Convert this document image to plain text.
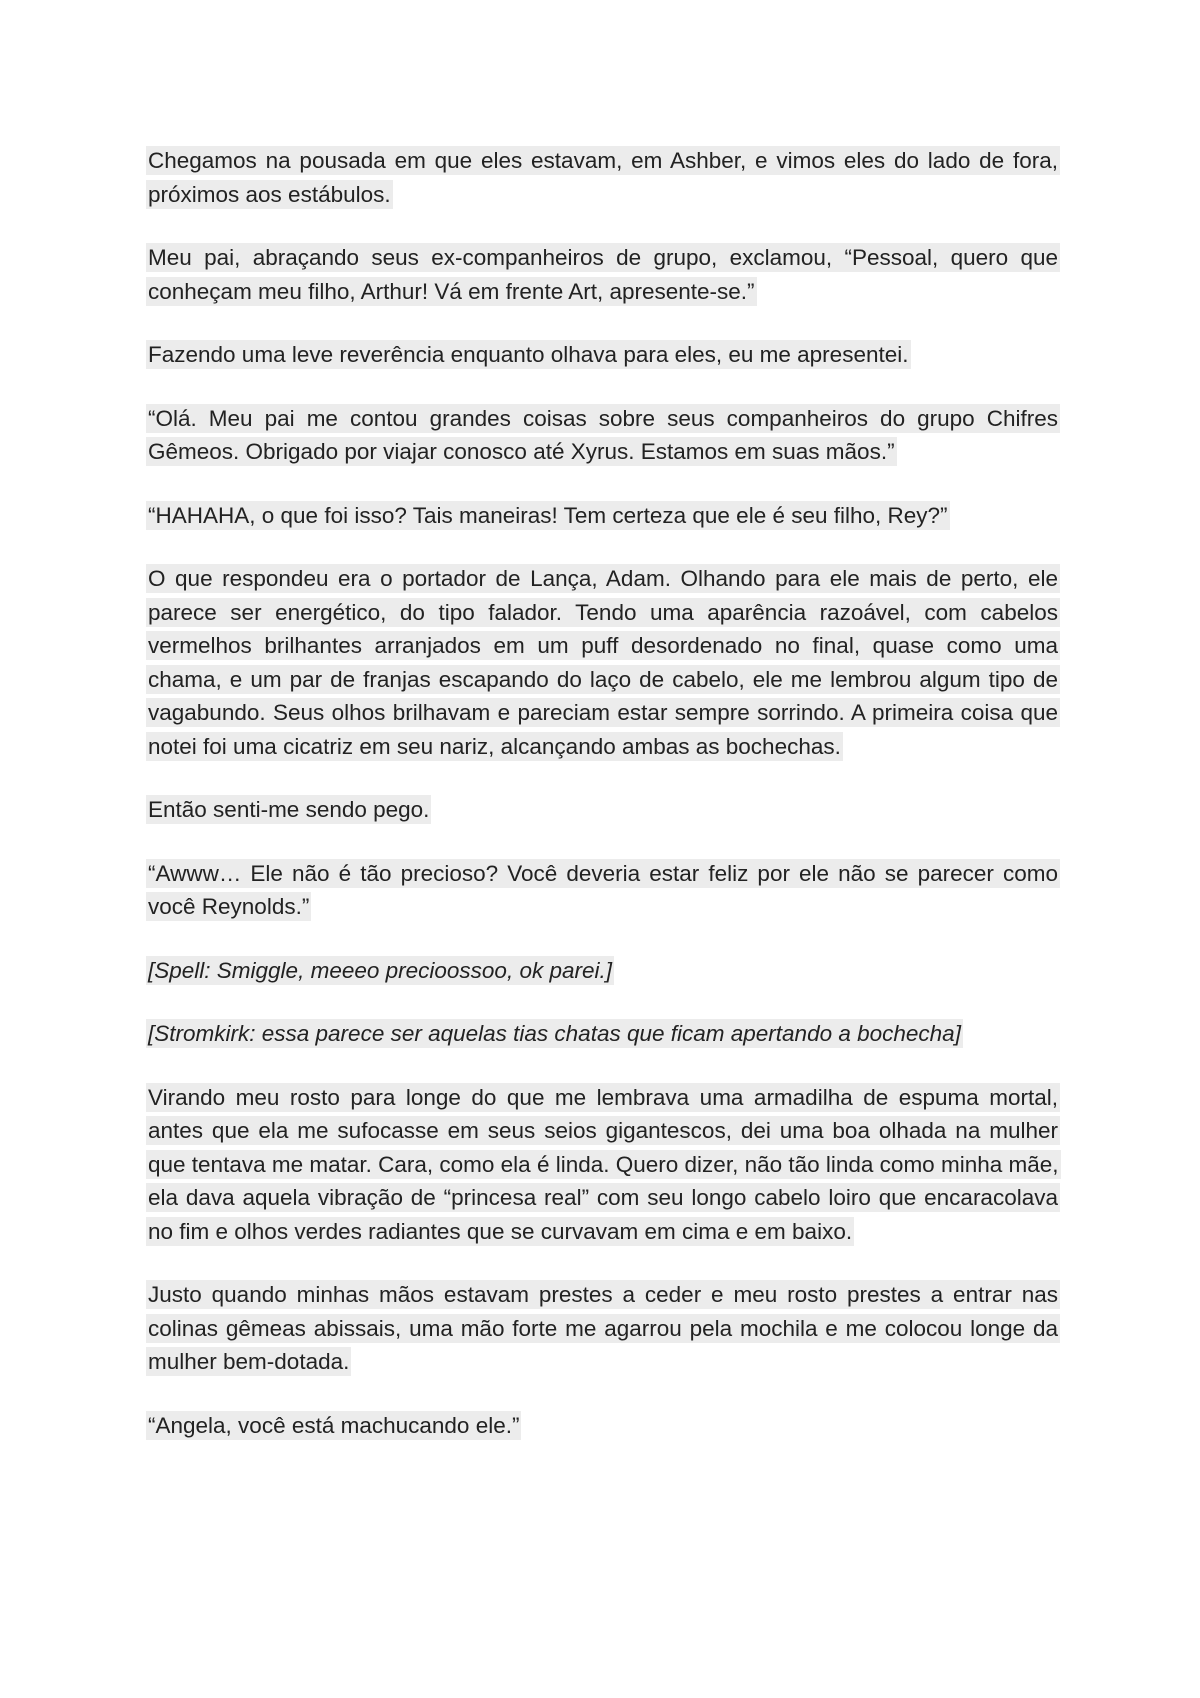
Chegamos na pousada em que eles estavam, em Ashber, e vimos eles do lado de fora, próximos aos estábulos.

Meu pai, abraçando seus ex-companheiros de grupo, exclamou, “Pessoal, quero que conheçam meu filho, Arthur! Vá em frente Art, apresente-se.”

Fazendo uma leve reverência enquanto olhava para eles, eu me apresentei.

“Olá. Meu pai me contou grandes coisas sobre seus companheiros do grupo Chifres Gêmeos. Obrigado por viajar conosco até Xyrus. Estamos em suas mãos.”

“HAHAHA, o que foi isso? Tais maneiras! Tem certeza que ele é seu filho, Rey?”

O que respondeu era o portador de Lança, Adam. Olhando para ele mais de perto, ele parece ser energético, do tipo falador. Tendo uma aparência razoável, com cabelos vermelhos brilhantes arranjados em um puff desordenado no final, quase como uma chama, e um par de franjas escapando do laço de cabelo, ele me lembrou algum tipo de vagabundo. Seus olhos brilhavam e pareciam estar sempre sorrindo. A primeira coisa que notei foi uma cicatriz em seu nariz, alcançando ambas as bochechas.

Então senti-me sendo pego.

“Awww… Ele não é tão precioso? Você deveria estar feliz por ele não se parecer como você Reynolds.”

[Spell: Smiggle, meeeo precioossoo, ok parei.]

[Stromkirk: essa parece ser aquelas tias chatas que ficam apertando a bochecha]

Virando meu rosto para longe do que me lembrava uma armadilha de espuma mortal, antes que ela me sufocasse em seus seios gigantescos, dei uma boa olhada na mulher que tentava me matar. Cara, como ela é linda. Quero dizer, não tão linda como minha mãe, ela dava aquela vibração de “princesa real” com seu longo cabelo loiro que encaracolava no fim e olhos verdes radiantes que se curvavam em cima e em baixo.

Justo quando minhas mãos estavam prestes a ceder e meu rosto prestes a entrar nas colinas gêmeas abissais, uma mão forte me agarrou pela mochila e me colocou longe da mulher bem-dotada.

“Angela, você está machucando ele.”
